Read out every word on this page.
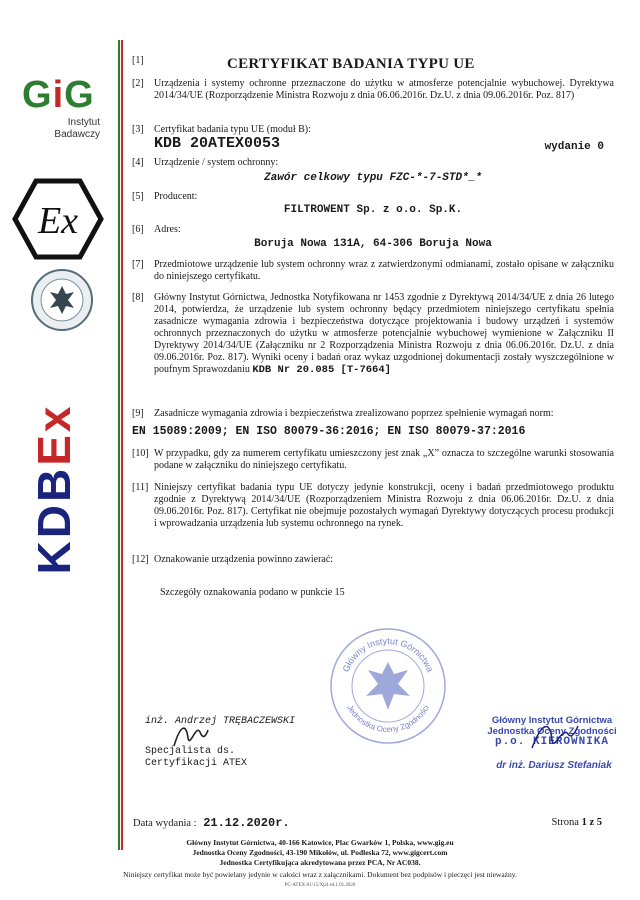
GiG
Instytut
Badawczy
Ex
KDBEx
[1]	CERTYFIKAT BADANIA TYPU UE
[2]	Urządzenia i systemy ochronne przeznaczone do użytku w atmosferze potencjalnie wybuchowej. Dyrektywa 2014/34/UE (Rozporządzenie Ministra Rozwoju z dnia 06.06.2016r. Dz.U. z dnia 09.06.2016r. Poz. 817)
[3]	Certyfikat badania typu UE (moduł B):
KDB 20ATEX0053	wydanie 0
[4]	Urządzenie / system ochronny:
Zawór celkowy typu FZC-*-7-STD*_*
[5]	Producent:
FILTROWENT Sp. z o.o. Sp.K.
[6]	Adres:
Boruja Nowa 131A, 64-306 Boruja Nowa
[7]	Przedmiotowe urządzenie lub system ochronny wraz z zatwierdzonymi odmianami, zostało opisane w załączniku do niniejszego certyfikatu.
[8]	Główny Instytut Górnictwa, Jednostka Notyfikowana nr 1453 zgodnie z Dyrektywą 2014/34/UE z dnia 26 lutego 2014, potwierdza, że urządzenie lub system ochronny będący przedmiotem niniejszego certyfikatu spełnia zasadnicze wymagania zdrowia i bezpieczeństwa dotyczące projektowania i budowy urządzeń i systemów ochronnych przeznaczonych do użytku w atmosferze potencjalnie wybuchowej wymienione w Załączniku II Dyrektywy 2014/34/UE (Załączniku nr 2 Rozporządzenia Ministra Rozwoju z dnia 06.06.2016r. Dz.U. z dnia 09.06.2016r. Poz. 817). Wyniki oceny i badań oraz wykaz uzgodnionej dokumentacji zostały wyszczególnione w poufnym Sprawozdaniu KDB Nr 20.085 [T-7664]
[9]	Zasadnicze wymagania zdrowia i bezpieczeństwa zrealizowano poprzez spełnienie wymagań norm:
EN 15089:2009; EN ISO 80079-36:2016; EN ISO 80079-37:2016
[10] W przypadku, gdy za numerem certyfikatu umieszczony jest znak „X” oznacza to szczególne warunki stosowania podane w załączniku do niniejszego certyfikatu.
[11] Niniejszy certyfikat badania typu UE dotyczy jedynie konstrukcji, oceny i badań przedmiotowego produktu zgodnie z Dyrektywą 2014/34/UE (Rozporządzeniem Ministra Rozwoju z dnia 06.06.2016r. Dz.U. z dnia 09.06.2016r. Poz. 817). Certyfikat nie obejmuje pozostałych wymagań Dyrektywy dotyczących procesu produkcji i wprowadzania urządzenia lub systemu ochronnego na rynek.
[12] Oznakowanie urządzenia powinno zawierać:
Szczegóły oznakowania podano w punkcie 15
inż. Andrzej TRĘBACZEWSKI
Specjalista ds.
Certyfikacji ATEX
Główny Instytut Górnictwa
Jednostka Oceny Zgodności
Główny Instytut Górnictwa
Jednostka Oceny Zgodności
p.o. KIEROWNIKA
dr inż. Dariusz Stefaniak
Data wydania : 21.12.2020r.	Strona 1 z 5
Główny Instytut Górnictwa, 40-166 Katowice, Plac Gwarków 1, Polska, www.gig.eu
Jednostka Oceny Zgodności, 43-190 Mikołów, ul. Podleska 72, www.gigcert.com
Jednostka Certyfikująca akredytowana przez PCA, Nr AC038.
Niniejszy certyfikat może być powielany jedynie w całości wraz z załącznikami. Dokument bez podpisów i pieczęci jest nieważny.
PC-ATEX-01/15/Xp4 ed.1 01.2020
